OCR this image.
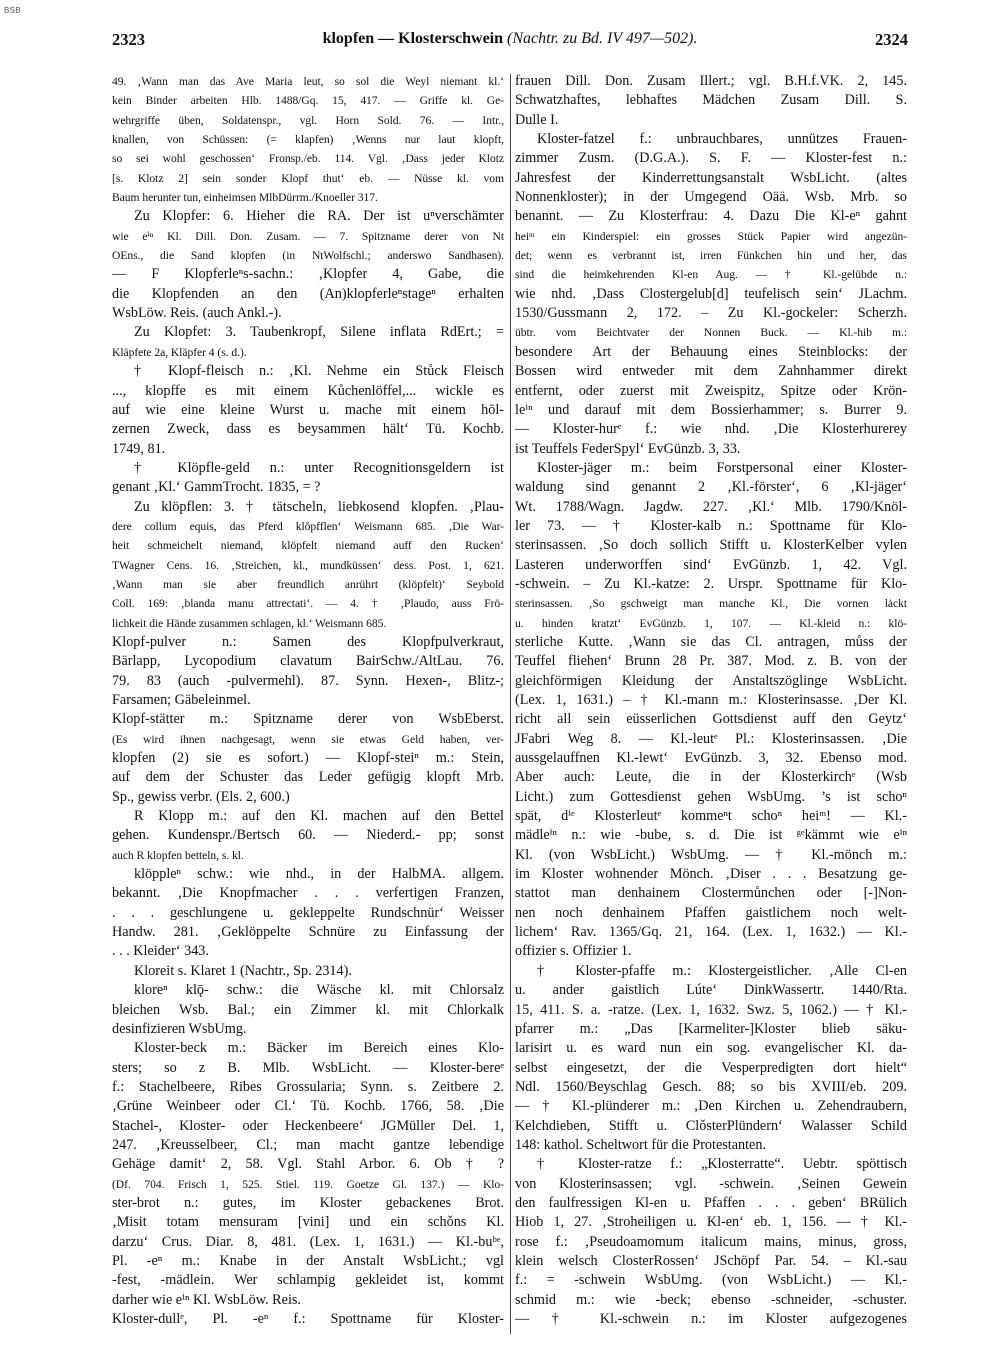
BSB
2323	klopfen — Klosterschwein (Nachtr. zu Bd. IV 497—502).	2324
49. ‚Wann man das Ave Maria leut, so sol die Weyl niemant kl.‘
kein Binder arbeiten Hlb. 1488/Gq. 15, 417. — Griffe kl. Ge-
wehrgriffe üben, Soldatenspr., vgl. Horn Sold. 76. — Intr.,
knallen, von Schüssen: (= klapfen) ‚Wenns nur laut klopft,
so sei wohl geschossen‘ Fronsp./eb. 114. Vgl. ‚Dass jeder Klotz
[s. Klotz 2] sein sonder Klopf thut‘ eb. — Nüsse kl. vom
Baum herunter tun, einheimsen MlbDürrm./Knoeller 317.
Zu Klopfer: 6. Hieher die RA. Der ist uⁿverschämter
wie eⁱⁿ Kl. Dill. Don. Zusam. — 7. Spitzname derer von Nt
OEns., die Sand klopfen (in NtWolfschl.; anderswo Sandhasen).
— F Klopferleⁿs-sachn.: ‚Klopfer 4, Gabe, die
die Klopfenden an den (An)klopferleⁿstageⁿ erhalten
WsbLöw. Reis. (auch Ankl.-).
Zu Klopfet: 3. Taubenkropf, Silene inflata RdErt.; =
Kläpfete 2a, Kläpfer 4 (s. d.).
† Klopf-fleisch n.: ‚Kl. Nehme ein Stůck Fleisch
..., klopffe es mit einem Kůchenlöffel,... wickle es
auf wie eine kleine Wurst u. mache mit einem hōl-
zernen Zweck, dass es beysammen hält‘ Tü. Kochb.
1749, 81.
† Klöpfle-geld n.: unter Recognitionsgeldern ist
genant ‚Kl.‘ GammTrocht. 1835, = ?
Zu klöpflen: 3. † tätscheln, liebkosend klopfen. ‚Plau-
dere collum equis, das Pferd klǒpfflen‘ Weismann 685. ‚Die War-
heit schmeichelt niemand, klöpfelt niemand auff den Rucken‘
TWagner Cens. 16. ‚Streichen, kl., mundküssen‘ dess. Post. 1, 621.
‚Wann man sie aber freundlich anrührt (klöpfelt)‘ Seybold
Coll. 169: ‚blanda manu attrectati‘. — 4. † ‚Plaudo, auss Frö-
lichkeit die Hände zusammen schlagen, kl.‘ Weismann 685.
Klopf-pulver n.: Samen des Klopfpulverkraut,
Bärlapp, Lycopodium clavatum BairSchw./AltLau. 76.
79. 83 (auch -pulvermehl). 87. Synn. Hexen-, Blitz-;
Farsamen; Gäbeleinmel.
Klopf-stätter m.: Spitzname derer von WsbEberst.
(Es wird ihnen nachgesagt, wenn sie etwas Geld haben, ver-
klopfen (2) sie es sofort.) — Klopf-steiⁿ m.: Stein,
auf dem der Schuster das Leder gefügig klopft Mrb.
Sp., gewiss verbr. (Els. 2, 600.)
R Klopp m.: auf den Kl. machen auf den Bettel
gehen. Kundenspr./Bertsch 60. — Niederd.- pp; sonst
auch R klopfen betteln, s. kl.
klöppleⁿ schw.: wie nhd., in der HalbMA. allgem.
bekannt. ‚Die Knopfmacher . . . verfertigen Franzen,
. . . geschlungene u. gekleppelte Rundschnür‘ Weisser
Handw. 281. ‚Geklöppelte Schnüre zu Einfassung der
. . . Kleider‘ 343.
Kloreit s. Klaret 1 (Nachtr., Sp. 2314).
kloreⁿ klǭ- schw.: die Wäsche kl. mit Chlorsalz
bleichen Wsb. Bal.; ein Zimmer kl. mit Chlorkalk
desinfizieren WsbUmg.
Kloster-beck m.: Bäcker im Bereich eines Klo-
sters; so z B. Mlb. WsbLicht. — Kloster-bereᵉ
f.: Stachelbeere, Ribes Grossularia; Synn. s. Zeitbere 2.
‚Grüne Weinbeer oder Cl.‘ Tü. Kochb. 1766, 58. ‚Die
Stachel-, Kloster- oder Heckenbeere‘ JGMüller Del. 1,
247. ‚Kreusselbeer, Cl.; man macht gantze lebendige
Gehäge damit‘ 2, 58. Vgl. Stahl Arbor. 6. Ob † ?
(Df. 704. Frisch 1, 525. Stiel. 119. Goetze Gl. 137.) — Klo-
ster-brot n.: gutes, im Kloster gebackenes Brot.
‚Misit totam mensuram [vini] und ein schǒns Kl.
darzu‘ Crus. Diar. 8, 481. (Lex. 1, 1631.) — Kl.-buᵇᵉ,
Pl. -eⁿ m.: Knabe in der Anstalt WsbLicht.; vgl
-fest, -mädlein. Wer schlampig gekleidet ist, kommt
darher wie eⁱⁿ Kl. WsbLöw. Reis.
Kloster-dullᵉ, Pl. -eⁿ f.: Spottname für Kloster-
frauen Dill. Don. Zusam Illert.; vgl. B.H.f.VK. 2, 145.
Schwatzhaftes, lebhaftes Mädchen Zusam Dill. S.
Dulle I.
Kloster-fatzel f.: unbrauchbares, unnützes Frauen-
zimmer Zusm. (D.G.A.). S. F. — Kloster-fest n.:
Jahresfest der Kinderrettungsanstalt WsbLicht. (altes
Nonnenkloster); in der Umgegend Oää. Wsb. Mrb. so
benannt. — Zu Klosterfrau: 4. Dazu Die Kl-eⁿ gahnt
heiᵐ ein Kinderspiel: ein grosses Stück Papier wird angezün-
det; wenn es verbrannt ist, irren Fünkchen hin und her, das
sind die heimkehrenden Kl-en Aug. — † Kl.-gelübde n.:
wie nhd. ‚Dass Clostergelub[d] teufelisch sein‘ JLachm.
1530/Gussmann 2, 172. – Zu Kl.-gockeler: Scherzh.
übtr. vom Beichtvater der Nonnen Buck. — Kl.-hib m.:
besondere Art der Behauung eines Steinblocks: der
Bossen wird entweder mit dem Zahnhammer direkt
entfernt, oder zuerst mit Zweispitz, Spitze oder Krön-
leⁱⁿ und darauf mit dem Bossierhammer; s. Burrer 9.
— Kloster-hurᵉ f.: wie nhd. ‚Die Klosterhurerey
ist Teuffels FederSpyl‘ EvGünzb. 3, 33.
Kloster-jäger m.: beim Forstpersonal einer Kloster-
waldung sind genannt 2 ‚Kl.-förster‘, 6 ‚Kl-jäger‘
Wt. 1788/Wagn. Jagdw. 227. ‚Kl.‘ Mlb. 1790/Knöl-
ler 73. — † Kloster-kalb n.: Spottname für Klo-
sterinsassen. ‚So doch sollich Stifft u. KlosterKelber vylen
Lasteren underworffen sind‘ EvGünzb. 1, 42. Vgl.
-schwein. – Zu Kl.-katze: 2. Urspr. Spottname für Klo-
sterinsassen. ‚So gschweigt man manche Kl., Die vornen lȧckt
u. hinden kratzt‘ EvGünzb. 1, 107. — Kl.-kleid n.: klö-
sterliche Kutte. ‚Wann sie das Cl. antragen, můss der
Teuffel fliehen‘ Brunn 28 Pr. 387. Mod. z. B. von der
gleichförmigen Kleidung der Anstaltszöglinge WsbLicht.
(Lex. 1, 1631.) – † Kl.-mann m.: Klosterinsasse. ‚Der Kl.
richt all sein eüsserlichen Gottsdienst auff den Geytz‘
JFabri Weg 8. — Kl.-leutᵉ Pl.: Klosterinsassen. ‚Die
aussgelauffnen Kl.-lewt‘ EvGünzb. 3, 32. Ebenso mod.
Aber auch: Leute, die in der Klosterkirchᵉ (Wsb
Licht.) zum Gottesdienst gehen WsbUmg. ’s ist schoⁿ
spät, dⁱᵉ Klosterleutᵉ kommeⁿt schoⁿ heiᵐ! — Kl.-
mädleⁱⁿ n.: wie -bube, s. d. Die ist ᵍᵉkämmt wie eⁱⁿ
Kl. (von WsbLicht.) WsbUmg. — † Kl.-mönch m.:
im Kloster wohnender Mönch. ‚Diser . . . Besatzung ge-
stattot man denhainem Clostermůnchen oder [-]Non-
nen noch denhainem Pfaffen gaistlichem noch welt-
lichem‘ Rav. 1365/Gq. 21, 164. (Lex. 1, 1632.) — Kl.-
offizier s. Offizier 1.
† Kloster-pfaffe m.: Klostergeistlicher. ‚Alle Cl-en
u. ander gaistlich Lúte‘ DinkWassertr. 1440/Rta.
15, 411. S. a. -ratze. (Lex. 1, 1632. Swz. 5, 1062.) — † Kl.-
pfarrer m.: „Das [Karmeliter-]Kloster blieb säku-
larisirt u. es ward nun ein sog. evangelischer Kl. da-
selbst eingesetzt, der die Vesperpredigten dort hielt“
Ndl. 1560/Beyschlag Gesch. 88; so bis XVIII/eb. 209.
— † Kl.-plünderer m.: ‚Den Kirchen u. Zehendraubern,
Kelchdieben, Stifft u. ClǒsterPlündern‘ Walasser Schild
148: kathol. Scheltwort für die Protestanten.
† Kloster-ratze f.: „Klosterratte“. Uebtr. spöttisch
von Klosterinsassen; vgl. -schwein. ‚Seinen Gewein
den faulfressigen Kl-en u. Pfaffen . . . geben‘ BRülich
Hiob 1, 27. ‚Stroheiligen u. Kl-en‘ eb. 1, 156. — † Kl.-
rose f.: ‚Pseudoamomum italicum mains, minus, gross,
klein welsch ClosterRossen‘ JSchöpf Par. 54. – Kl.-sau
f.: = -schwein WsbUmg. (von WsbLicht.) — Kl.-
schmid m.: wie -beck; ebenso -schneider, -schuster.
— † Kl.-schwein n.: im Kloster aufgezogenes
